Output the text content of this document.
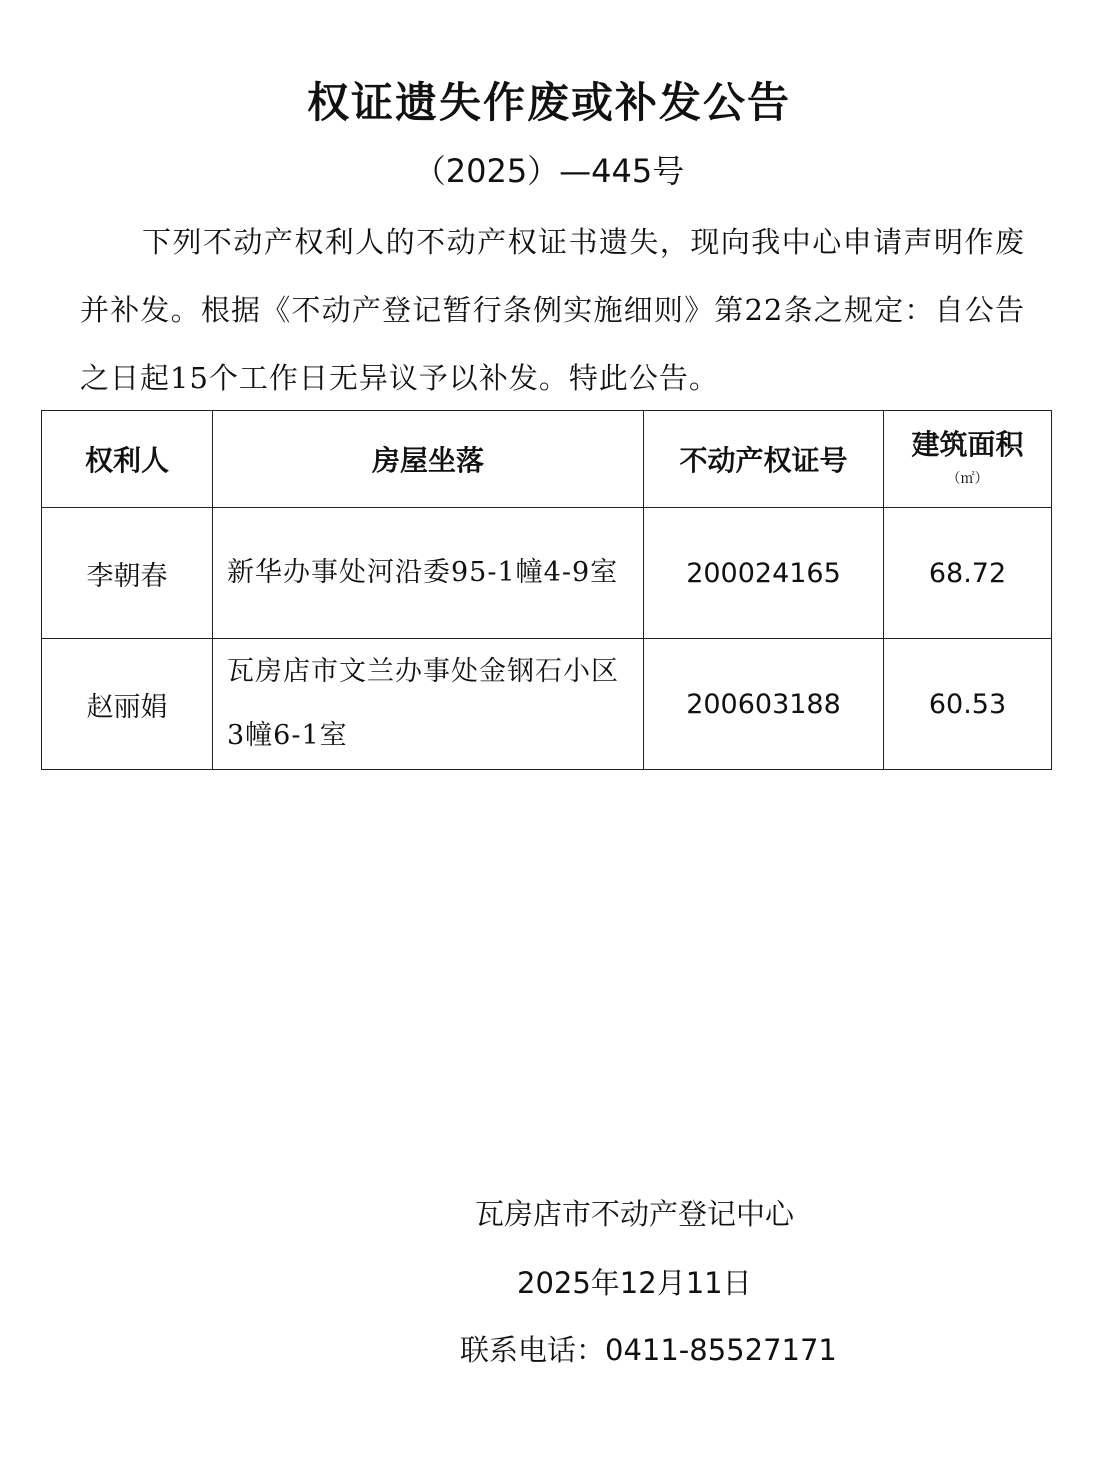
权证遗失作废或补发公告
（2025）—445号

下列不动产权利人的不动产权证书遗失，现向我中心申请声明作废并补发。根据《不动产登记暂行条例实施细则》第22条之规定：自公告之日起15个工作日无异议予以补发。特此公告。

权利人	房屋坐落	不动产权证号	建筑面积
（㎡）

李朝春	新华办事处河沿委95-1幢4-9室	200024165	68.72
赵丽娟	瓦房店市文兰办事处金钢石小区3幢6-1室	200603188	60.53
瓦房店市不动产登记中心
2025年12月11日
联系电话：0411-85527171
